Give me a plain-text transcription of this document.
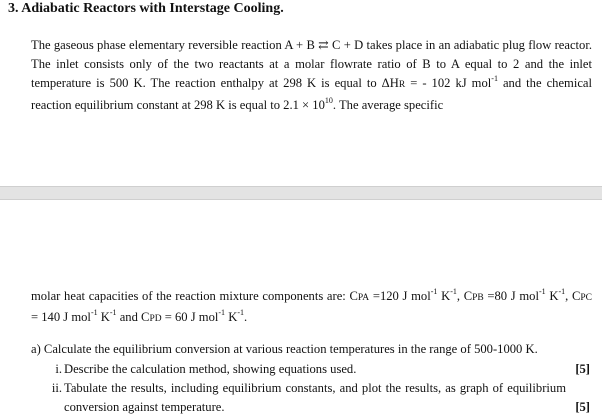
3. Adiabatic Reactors with Interstage Cooling.
The gaseous phase elementary reversible reaction A + B ⇄ C + D takes place in an adiabatic plug flow reactor. The inlet consists only of the two reactants at a molar flowrate ratio of B to A equal to 2 and the inlet temperature is 500 K. The reaction enthalpy at 298 K is equal to ΔHR = - 102 kJ mol$^{-1}$ and the chemical reaction equilibrium constant at 298 K is equal to $2.1 \times 10^{10}$. The average specific
molar heat capacities of the reaction mixture components are: CPA =120 J mol$^{-1}$ $K^{-1}$, CPB =80 J mol$^{-1}$ $K^{-1}$, CPC = 140 J mol$^{-1}$ $K^{-1}$ and CPD = 60 J mol$^{-1}$ $K^{-1}$.
a) Calculate the equilibrium conversion at various reaction temperatures in the range of 500-1000 K.
i. Describe the calculation method, showing equations used.	[5]
ii. Tabulate the results, including equilibrium constants, and plot the results, as graph of equilibrium conversion against temperature.	[5]
